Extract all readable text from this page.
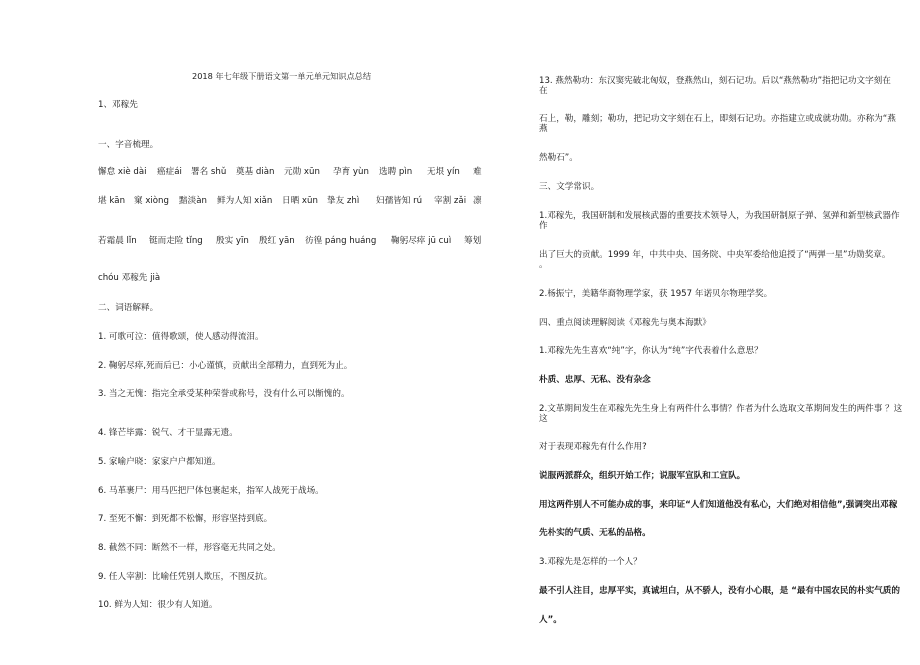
2018 年七年级下册语文第一单元单元知识点总结
1、邓稼先
一、字音梳理。
懈怠 xiè dài 癌症ái 署名 shǔ 奠基 diàn 元勋 xūn 孕育 yùn 选聘 pìn 无垠 yín 难
堪 kān 窠 xiòng 黯淡àn 鲜为人知 xiǎn 日晒 xūn 挚友 zhì 妇孺皆知 rú 宰割 zǎi 凛
若霜晨 lǐn 铤而走险 tǐng 殷实 yīn 殷红 yān 彷徨 páng huáng 鞠躬尽瘁 jū cuì 筹划
chóu 邓稼先 jià
二、词语解释。
1. 可歌可泣：值得歌颂，使人感动得流泪。
2. 鞠躬尽瘁,死而后已：小心谨慎，贡献出全部精力，直到死为止。
3. 当之无愧：指完全承受某种荣誉或称号，没有什么可以惭愧的。
4. 锋芒毕露：锐气、才干显露无遗。
5. 家喻户晓：家家户户都知道。
6. 马革裹尸：用马匹把尸体包裹起来，指军人战死于战场。
7. 至死不懈：到死都不松懈，形容坚持到底。
8. 截然不同：断然不一样，形容毫无共同之处。
9. 任人宰割：比喻任凭别人欺压，不图反抗。
10. 鲜为人知：很少有人知道。
13. 燕然勒功：东汉窦宪破北匈奴，登燕然山，刻石记功。后以“燕然勒功”指把记功文字刻在
在
石上，勒，雕刻；勒功，把记功文字刻在石上，即刻石记功。亦指建立或成就功勋。亦称为“燕
燕
然勒石”。
三、文学常识。
1.邓稼先，我国研制和发展核武器的重要技术领导人，为我国研制原子弹、氢弹和新型核武器作
作
出了巨大的贡献。1999 年，中共中央、国务院、中央军委给他追授了“两弹一星”功勋奖章。
。
2.杨振宁，美籍华裔物理学家，获 1957 年诺贝尔物理学奖。
四、重点阅读理解阅读《邓稼先与奥本海默》
1.邓稼先先生喜欢“纯”字，你认为“纯”字代表着什么意思？
朴质、忠厚、无私、没有杂念
2.文革期间发生在邓稼先先生身上有两件什么事情？作者为什么选取文革期间发生的两件事 ？这
这
对于表现邓稼先有什么作用?
说服两派群众，组织开始工作；说服军宣队和工宣队。
用这两件别人不可能办成的事，来印证“人们知道他没有私心，大们绝对相信他”,强调突出邓稼
先朴实的气质、无私的品格。
3.邓稼先是怎样的一个人？
最不引人注目，忠厚平实，真诚坦白，从不骄人，没有小心眼，是 “最有中国农民的朴实气质的
人”。
